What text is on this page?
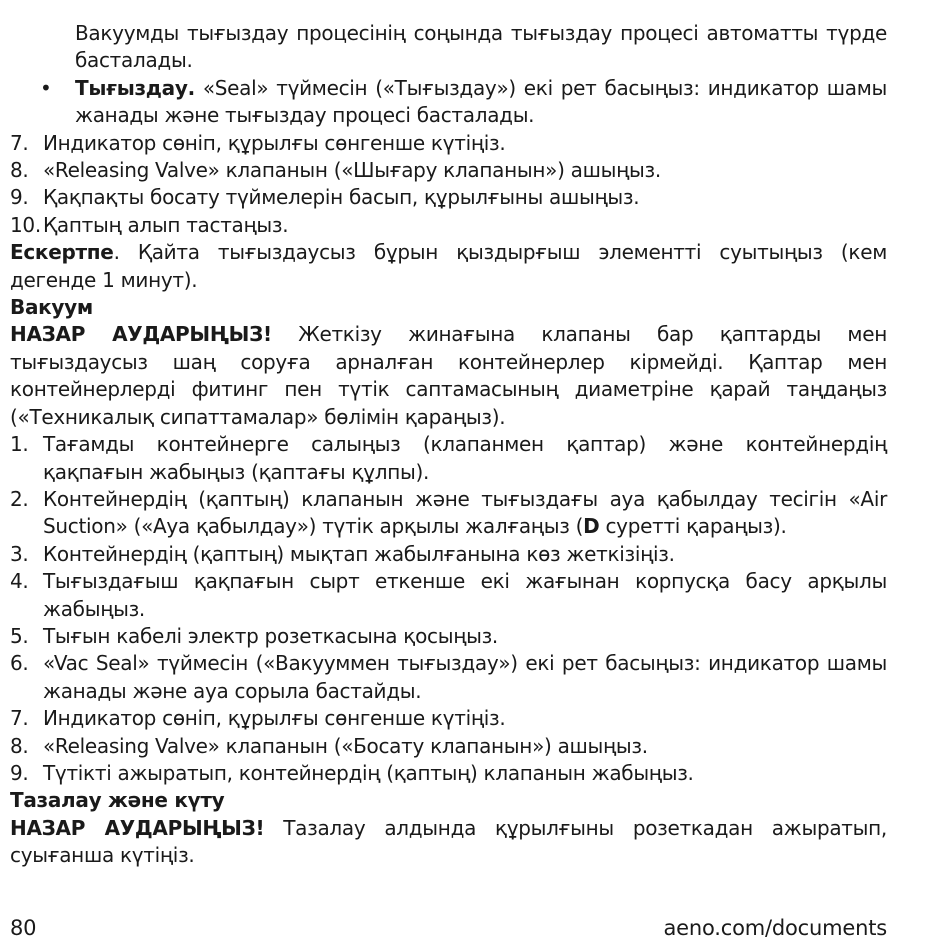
Вакуумды тығыздау процесінің соңында тығыздау процесі автоматты түрде басталады.

•	Тығыздау. «Seal» түймесін («Тығыздау») екі рет басыңыз: индикатор шамы жанады және тығыздау процесі басталады.
7. Индикатор сөніп, құрылғы сөнгенше күтіңіз.
8. «Releasing Valve» клапанын («Шығару клапанын») ашыңыз.
9. Қақпақты босату түймелерін басып, құрылғыны ашыңыз.
10. Қаптың алып тастаңыз.

Ескертпе. Қайта тығыздаусыз бұрын қыздырғыш элементті суытыңыз (кем дегенде 1 минут).

Вакуум

НАЗАР АУДАРЫҢЫЗ! Жеткізу жинағына клапаны бар қаптарды мен тығыздаусыз шаң соруға арналған контейнерлер кірмейді. Қаптар мен контейнерлерді фитинг пен түтік саптамасының диаметріне қарай таңдаңыз («Техникалық сипаттамалар» бөлімін қараңыз).

1. Тағамды контейнерге салыңыз (клапанмен қаптар) және контейнердің қақпағын жабыңыз (қаптағы құлпы).
2. Контейнердің (қаптың) клапанын және тығыздағы ауа қабылдау тесігін «Air Suction» («Ауа қабылдау») түтік арқылы жалғаңыз (D суретті қараңыз).
3. Контейнердің (қаптың) мықтап жабылғанына көз жеткізіңіз.
4. Тығыздағыш қақпағын сырт еткенше екі жағынан корпусқа басу арқылы жабыңыз.
5. Тығын кабелі электр розеткасына қосыңыз.
6. «Vac Seal» түймесін («Вакууммен тығыздау») екі рет басыңыз: индикатор шамы жанады және ауа сорыла бастайды.
7. Индикатор сөніп, құрылғы сөнгенше күтіңіз.
8. «Releasing Valve» клапанын («Босату клапанын») ашыңыз.
9. Түтікті ажыратып, контейнердің (қаптың) клапанын жабыңыз.

Тазалау және күту

НАЗАР АУДАРЫҢЫЗ! Тазалау алдында құрылғыны розеткадан ажыратып, суығанша күтіңіз.

80	aeno.com/documents
